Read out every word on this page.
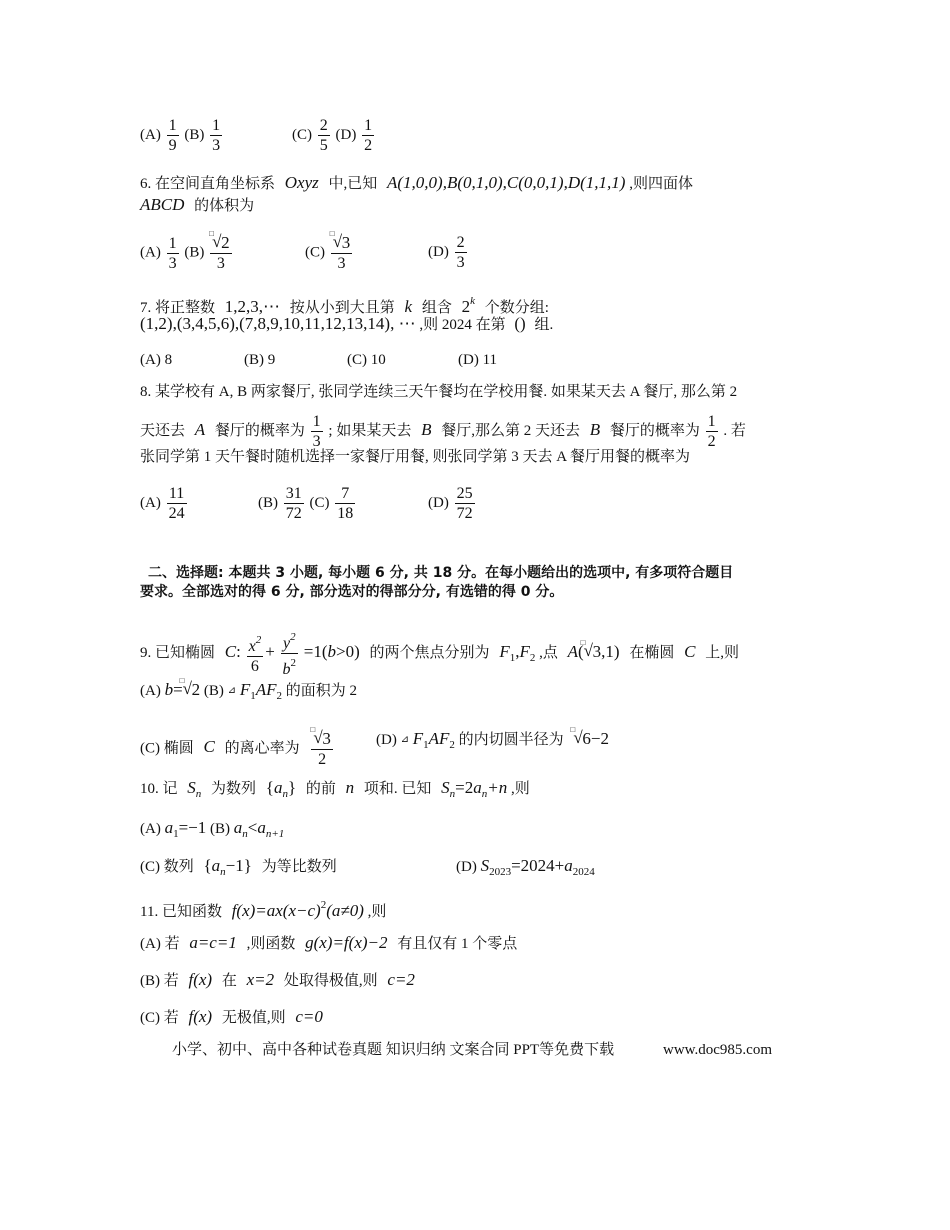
$(A) \frac{1}{9} (B) \frac{1}{3}$	$(C) \frac{2}{5} (D) \frac{1}{2}$
6. 在空间直角坐标系 Oxyz 中,已知 A(1,0,0),B(0,1,0),C(0,0,1),D(1,1,1) ,则四面体
ABCD 的体积为
$(A) \frac{1}{3} (B)$ √ $\frac{2 □}{3}$	(C) √ $\frac{3 □}{3}$	$(D) \frac{2}{3}$
7. 将正整数 1,2,3,⋯ 按从小到大且第 k 组含 2$^k$ 个数分组:
(1,2),(3,4,5,6),(7,8,9,10,11,12,13,14), ⋯ ,则 2024 在第 () 组.
(A) 8	(B) 9	(C) 10	(D) 11
8. 某学校有 A, B 两家餐厅, 张同学连续三天午餐均在学校用餐. 如果某天去 A 餐厅, 那么第 2
天还去 A 餐厅的概率为 $\frac{1}{3}$ ; 如果某天去 B 餐厅,那么第 2 天还去 B 餐厅的概率为 $\frac{1}{2}$ . 若
张同学第 1 天午餐时随机选择一家餐厅用餐, 则张同学第 3 天去 A 餐厅用餐的概率为
$(A) \frac{11}{24}$	$(B) \frac{31}{72} (C) \frac{7}{18}$	$(D) \frac{25}{72}$
二、选择题: 本题共 3 小题, 每小题 6 分, 共 18 分。在每小题给出的选项中, 有多项符合题目
要求。全部选对的得 6 分, 部分选对的得部分分, 有选错的得 0 分。
9. 已知椭圆 C: $\frac{x^2}{6} + \frac{y^2}{b^2} =1(b>0)$ 的两个焦点分别为 $F_1,F_2$ ,点 A( √ 3 □,1) 在椭圆 C 上,则
(A) b= √ 2 □ (B) ⊿ $F_1AF_2$ 的面积为 2
(C) 椭圆 C 的离心率为 √ $\frac{3 □}{2}$	(D) ⊿ $F_1AF_2$ 的内切圆半径为 √ 6 □−2
10. 记 $S_n$ 为数列 $\{a_n\}$ 的前 n 项和. 已知 $S_n=2a_n+n$ ,则
(A) $a_1=-1$ (B) $a_n<a_{n+1}$
(C) 数列 $\{a_n-1\}$ 为等比数列	(D) $S_{2023}=2024+a_{2024}$
11. 已知函数 $f(x)=ax(x-c)^2(a\ne 0)$ ,则
(A) 若 a=c=1 ,则函数 g(x)=f(x)−2 有且仅有 1 个零点
(B) 若 f(x) 在 x=2 处取得极值,则 c=2
(C) 若 f(x) 无极值,则 c=0
小学、初中、高中各种试卷真题 知识归纳 文案合同 PPT等免费下载	www.doc985.com
